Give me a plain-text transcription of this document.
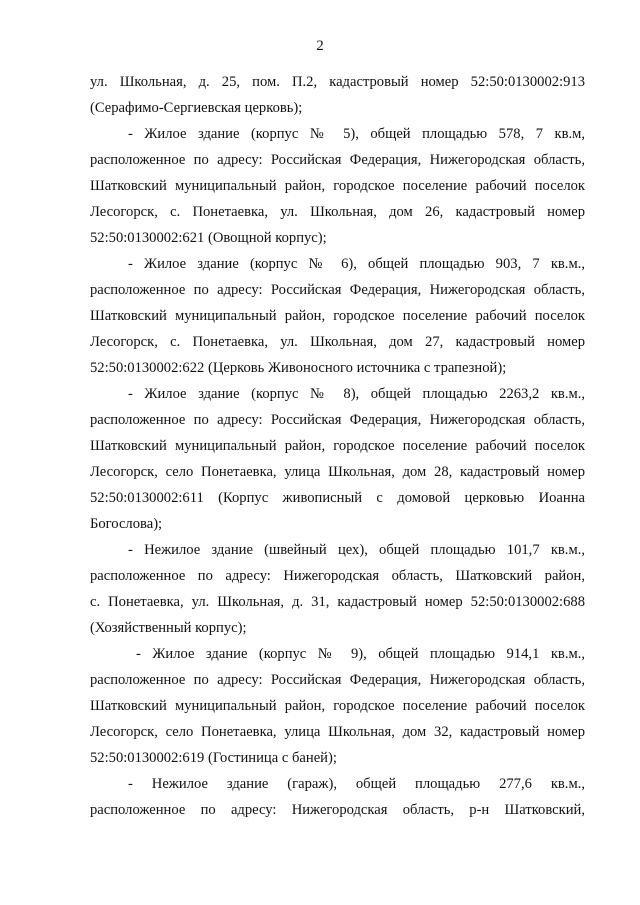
2
ул. Школьная, д. 25, пом. П.2, кадастровый номер 52:50:0130002:913
(Серафимо-Сергиевская церковь);
- Жилое здание (корпус № 5), общей площадью 578, 7 кв.м,
расположенное по адресу: Российская Федерация, Нижегородская область,
Шатковский муниципальный район, городское поселение рабочий поселок
Лесогорск, с. Понетаевка, ул. Школьная, дом 26, кадастровый номер
52:50:0130002:621 (Овощной корпус);
- Жилое здание (корпус № 6), общей площадью 903, 7 кв.м.,
расположенное по адресу: Российская Федерация, Нижегородская область,
Шатковский муниципальный район, городское поселение рабочий поселок
Лесогорск, с. Понетаевка, ул. Школьная, дом 27, кадастровый номер
52:50:0130002:622 (Церковь Живоносного источника с трапезной);
- Жилое здание (корпус № 8), общей площадью 2263,2 кв.м.,
расположенное по адресу: Российская Федерация, Нижегородская область,
Шатковский муниципальный район, городское поселение рабочий поселок
Лесогорск, село Понетаевка, улица Школьная, дом 28, кадастровый номер
52:50:0130002:611 (Корпус живописный с домовой церковью Иоанна
Богослова);
- Нежилое здание (швейный цех), общей площадью 101,7 кв.м.,
расположенное по адресу: Нижегородская область, Шатковский район,
с. Понетаевка, ул. Школьная, д. 31, кадастровый номер 52:50:0130002:688
(Хозяйственный корпус);
- Жилое здание (корпус № 9), общей площадью 914,1 кв.м.,
расположенное по адресу: Российская Федерация, Нижегородская область,
Шатковский муниципальный район, городское поселение рабочий поселок
Лесогорск, село Понетаевка, улица Школьная, дом 32, кадастровый номер
52:50:0130002:619 (Гостиница с баней);
- Нежилое здание (гараж), общей площадью 277,6 кв.м.,
расположенное по адресу: Нижегородская область, р-н Шатковский,
